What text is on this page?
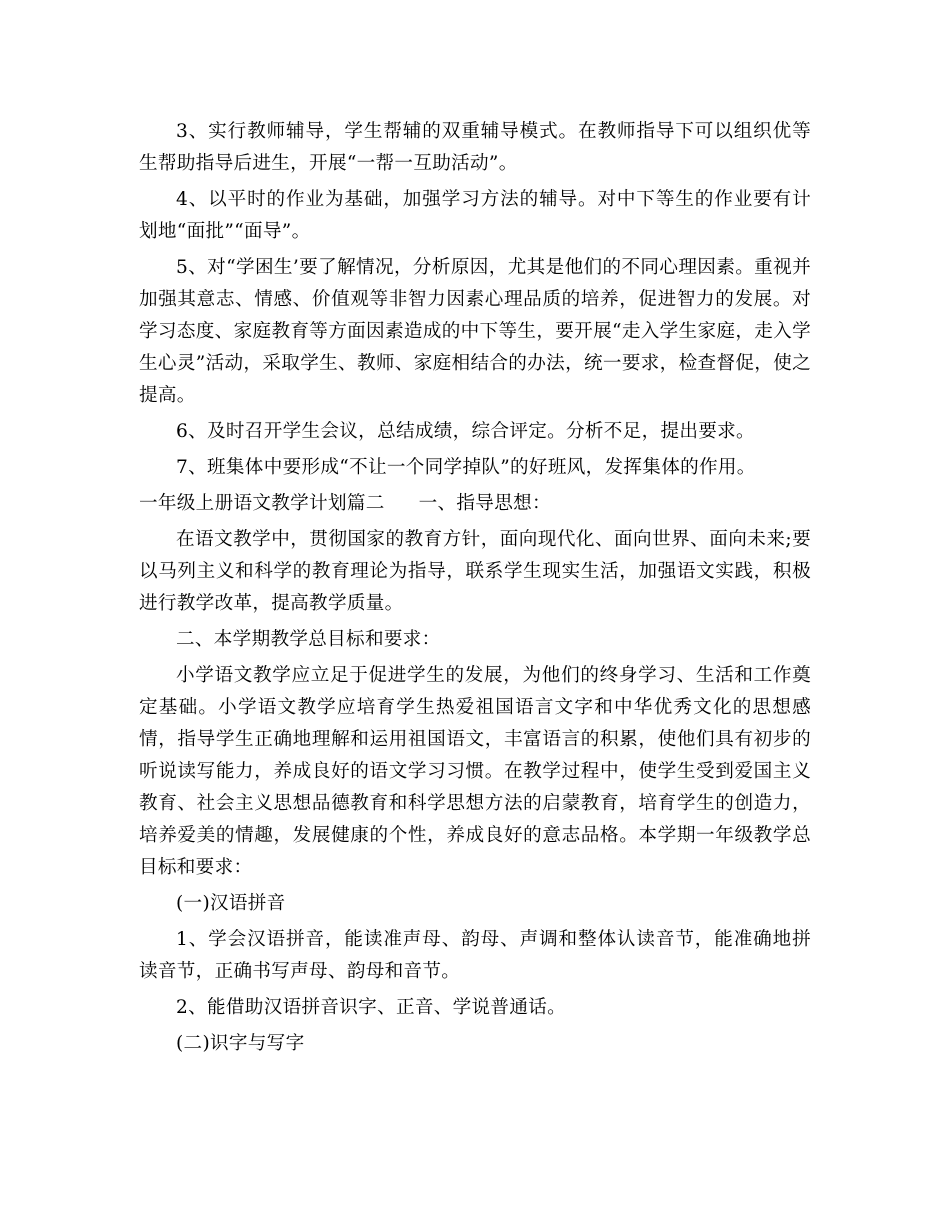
3、实行教师辅导，学生帮辅的双重辅导模式。在教师指导下可以组织优等生帮助指导后进生，开展“一帮一互助活动”。

4、以平时的作业为基础，加强学习方法的辅导。对中下等生的作业要有计划地“面批”“面导”。

5、对“学困生’要了解情况，分析原因，尤其是他们的不同心理因素。重视并加强其意志、情感、价值观等非智力因素心理品质的培养，促进智力的发展。对学习态度、家庭教育等方面因素造成的中下等生，要开展“走入学生家庭，走入学生心灵”活动，采取学生、教师、家庭相结合的办法，统一要求，检查督促，使之提高。

6、及时召开学生会议，总结成绩，综合评定。分析不足，提出要求。

7、班集体中要形成“不让一个同学掉队”的好班风，发挥集体的作用。

一年级上册语文教学计划篇二 一、指导思想：

在语文教学中，贯彻国家的教育方针，面向现代化、面向世界、面向未来;要以马列主义和科学的教育理论为指导，联系学生现实生活，加强语文实践，积极进行教学改革，提高教学质量。

二、本学期教学总目标和要求：

小学语文教学应立足于促进学生的发展，为他们的终身学习、生活和工作奠定基础。小学语文教学应培育学生热爱祖国语言文字和中华优秀文化的思想感情，指导学生正确地理解和运用祖国语文，丰富语言的积累，使他们具有初步的听说读写能力，养成良好的语文学习习惯。在教学过程中，使学生受到爱国主义教育、社会主义思想品德教育和科学思想方法的启蒙教育，培育学生的创造力，培养爱美的情趣，发展健康的个性，养成良好的意志品格。本学期一年级教学总目标和要求：

(一)汉语拼音

1、学会汉语拼音，能读准声母、韵母、声调和整体认读音节，能准确地拼读音节，正确书写声母、韵母和音节。

2、能借助汉语拼音识字、正音、学说普通话。

(二)识字与写字
